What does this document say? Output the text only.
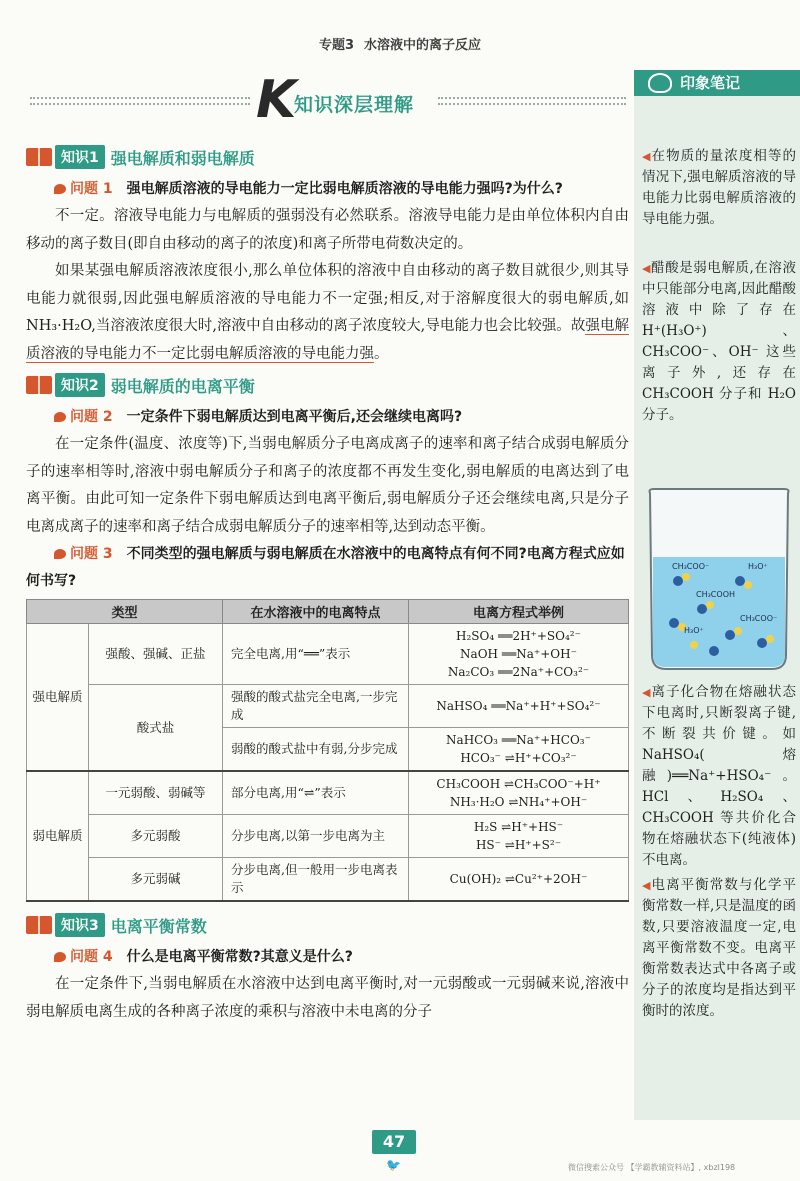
专题3 水溶液中的离子反应
K
知识深层理解
知识1 强电解质和弱电解质
问题 1 强电解质溶液的导电能力一定比弱电解质溶液的导电能力强吗?为什么?

不一定。溶液导电能力与电解质的强弱没有必然联系。溶液导电能力是由单位体积内自由移动的离子数目(即自由移动的离子的浓度)和离子所带电荷数决定的。

如果某强电解质溶液浓度很小,那么单位体积的溶液中自由移动的离子数目就很少,则其导电能力就很弱,因此强电解质溶液的导电能力不一定强;相反,对于溶解度很大的弱电解质,如 NH₃·H₂O,当溶液浓度很大时,溶液中自由移动的离子浓度较大,导电能力也会比较强。故强电解质溶液的导电能力不一定比弱电解质溶液的导电能力强。

知识2 弱电解质的电离平衡
问题 2 一定条件下弱电解质达到电离平衡后,还会继续电离吗?

在一定条件(温度、浓度等)下,当弱电解质分子电离成离子的速率和离子结合成弱电解质分子的速率相等时,溶液中弱电解质分子和离子的浓度都不再发生变化,弱电解质的电离达到了电离平衡。由此可知一定条件下弱电解质达到电离平衡后,弱电解质分子还会继续电离,只是分子电离成离子的速率和离子结合成弱电解质分子的速率相等,达到动态平衡。

问题 3 不同类型的强电解质与弱电解质在水溶液中的电离特点有何不同?电离方程式应如何书写?
类型		在水溶液中的电离特点	电离方程式举例
强电解质	强酸、强碱、正盐	完全电离,用“══”表示	H₂SO₄ ══2H⁺+SO₄²⁻
NaOH ══Na⁺+OH⁻
Na₂CO₃ ══2Na⁺+CO₃²⁻

	酸式盐	强酸的酸式盐完全电离,一步完成	NaHSO₄ ══Na⁺+H⁺+SO₄²⁻
		弱酸的酸式盐中有弱,分步完成	NaHCO₃ ══Na⁺+HCO₃⁻
HCO₃⁻ ⇌H⁺+CO₃²⁻

弱电解质	一元弱酸、弱碱等	部分电离,用“⇌”表示	CH₃COOH ⇌CH₃COO⁻+H⁺
NH₃·H₂O ⇌NH₄⁺+OH⁻

	多元弱酸	分步电离,以第一步电离为主	H₂S ⇌H⁺+HS⁻
HS⁻ ⇌H⁺+S²⁻

	多元弱碱	分步电离,但一般用一步电离表示	Cu(OH)₂ ⇌Cu²⁺+2OH⁻
知识3 电离平衡常数
问题 4 什么是电离平衡常数?其意义是什么?

在一定条件下,当弱电解质在水溶液中达到电离平衡时,对一元弱酸或一元弱碱来说,溶液中弱电解质电离生成的各种离子浓度的乘积与溶液中未电离的分子

印象笔记

◀在物质的量浓度相等的情况下,强电解质溶液的导电能力比弱电解质溶液的导电能力强。

◀醋酸是弱电解质,在溶液中只能部分电离,因此醋酸溶液中除了存在 H⁺(H₃O⁺)、CH₃COO⁻、OH⁻ 这些离子外,还存在 CH₃COOH 分子和 H₂O 分子。

CH₃COO⁻	H₃O⁺
CH₃COOH
H₃O⁺
CH₃COO⁻

◀离子化合物在熔融状态下电离时,只断裂离子键,不断裂共价键。如 NaHSO₄(熔融)══Na⁺+HSO₄⁻。HCl、H₂SO₄、CH₃COOH 等共价化合物在熔融状态下(纯液体)不电离。

◀电离平衡常数与化学平衡常数一样,只是温度的函数,只要溶液温度一定,电离平衡常数不变。电离平衡常数表达式中各离子或分子的浓度均是指达到平衡时的浓度。

47
🐦	微信搜索公众号 【学霸教辅资料站】, xbzl198
